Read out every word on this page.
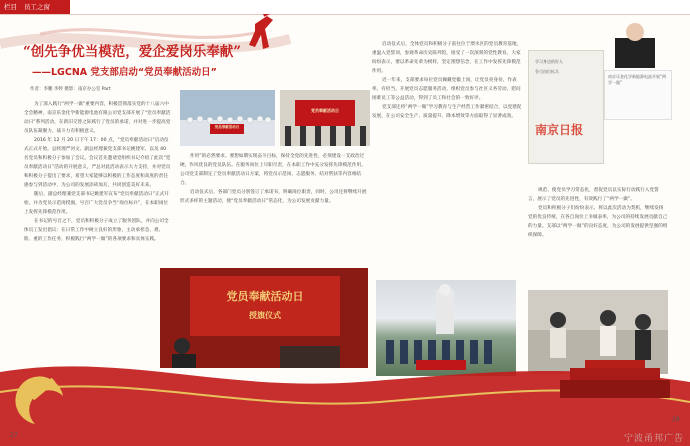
栏目 员工之窗
“创先争优当模范，爱企爱岗乐奉献”
——LGCNA 党支部启动“党员奉献活动日”
作者：李鹏 李婷 摄影：南京办公室 Part

为了深入践行“两学一做”重要内容，积极贯彻落实党的十八届六中全会精神，南京乐金化学新能源电池有限公司党支部开展了“党员奉献活动日”系列活动，在新旧交替之际践行了党员的承诺，并对进一步提高党员队伍凝聚力、战斗力有积极意义。

2016 年 12 月 20 日下午 17：00 点，“党员奉献活动日”启动仪式正式开始。总经理严河文、副总经理兼党支部书记姚建军，以及 40 名党员和积极分子参加了会议。会议首先邀请党组织书记介绍了此次“党员奉献活动日”活动的开展意义，严总对此活动表示大力支持，并对党员和积极分子提出了要求，希望大家能够以积极的工作态度和高度的责任感参与到活动中，为公司的发展添砖加瓦，共同创造美好未来。

随后，副总经理兼党支部书记姚建军宣布“党员奉献活动日”正式开始，并为党员示范岗授旗，号召广大党员争当“岗位标兵”，在本职岗位上发挥先锋模范作用。

在书记的号召之下，党员和积极分子成立了服务团队，并向公司全体员工发出倡议：在日常工作中树立良好的形象，主动承担急、难、险、重的工作任务，积极践行“两学一做”的各项要求和具体实践。

党员奉献活动日
党员奉献活动日

作用”的必然要求。要想如期实现奋斗目标，保持全党的先进性，必须建设一支政治过硬、作风优良的党员队伍。在服务岗位上尽职尽责，在本职工作中充分发挥先锋模范作用。公司党支部制定了党员奉献活动日方案，将党员示范岗、志愿服务、结对帮扶等内容相结合。

启动仪式后，各部门党员分别签订了承诺书，明确岗位职责，同时，公司还将继续开展形式多样的主题活动，使“党员奉献活动日”常态化，为公司发展贡献力量。

党员奉献活动日
授旗仪式

启动仪式后，全体党员和积极分子前往位于溧水区的党员教育基地，重温入党誓词，参观革命历史陈列馆，接受了一次深刻的党性教育。大家纷纷表示，要以革命先辈为榜样，坚定理想信念，在工作中发挥先锋模范作用。

近一年来，支部要求每位党员佩戴党徽上岗，让党员亮身份、作表率、有担当。开展党员志愿服务活动，组织党员参与社区义务劳动、慰问困难员工等公益活动，得到了员工和社会的一致好评。

党支部还将“两学一做”学习教育与生产经营工作紧密结合，以党建促发展，在公司安全生产、质量提升、降本增效等方面取得了显著成效。

学习身边的好人
争当岗位标兵
南京日报
南京乐金化学新能源电池开展“两学一做”

规范、使党员学习常态化，督促党员以实际行动践行入党誓言，展示了党员的先进性，有效践行了“两学一做”。

党员和积极分子们纷纷表示，将以此次活动为契机，继续发扬党的优良传统，在各自岗位上争做表率，为公司的持续发展贡献自己的力量。支部以“两学一做”的良好态度，为公司的发展提供坚强的组织保障。

27
28
宁波甬邦广告
